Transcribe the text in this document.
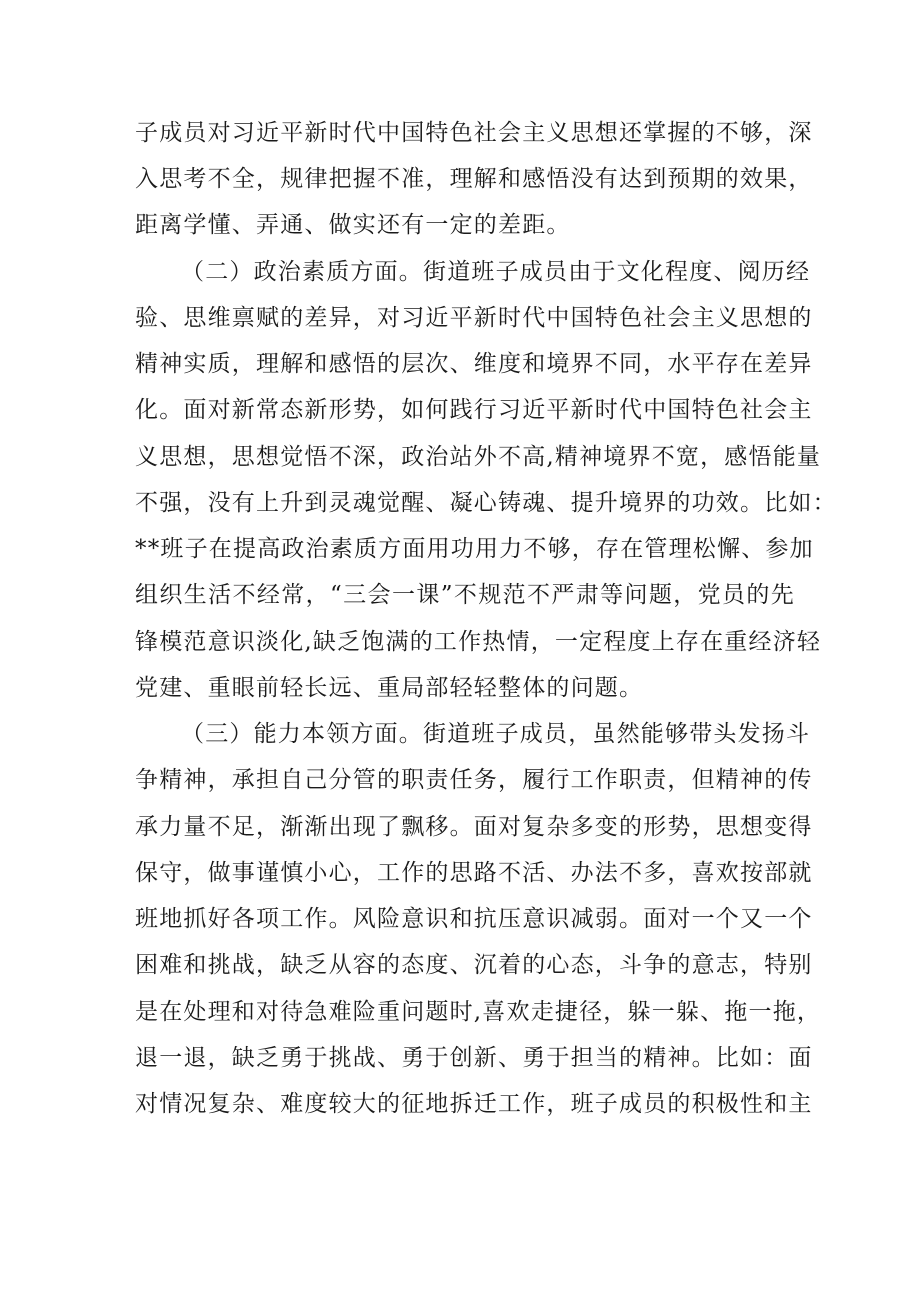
子成员对习近平新时代中国特色社会主义思想还掌握的不够，深
入思考不全，规律把握不准，理解和感悟没有达到预期的效果，
距离学懂、弄通、做实还有一定的差距。
（二）政治素质方面。街道班子成员由于文化程度、阅历经
验、思维禀赋的差异，对习近平新时代中国特色社会主义思想的
精神实质，理解和感悟的层次、维度和境界不同，水平存在差异
化。面对新常态新形势，如何践行习近平新时代中国特色社会主
义思想，思想觉悟不深，政治站外不高,精神境界不宽，感悟能量
不强，没有上升到灵魂觉醒、凝心铸魂、提升境界的功效。比如：
**班子在提高政治素质方面用功用力不够，存在管理松懈、参加
组织生活不经常，“三会一课”不规范不严肃等问题，党员的先
锋模范意识淡化,缺乏饱满的工作热情，一定程度上存在重经济轻
党建、重眼前轻长远、重局部轻轻整体的问题。
（三）能力本领方面。街道班子成员，虽然能够带头发扬斗
争精神，承担自己分管的职责任务，履行工作职责，但精神的传
承力量不足，渐渐出现了飘移。面对复杂多变的形势，思想变得
保守，做事谨慎小心，工作的思路不活、办法不多，喜欢按部就
班地抓好各项工作。风险意识和抗压意识减弱。面对一个又一个
困难和挑战，缺乏从容的态度、沉着的心态，斗争的意志，特别
是在处理和对待急难险重问题时,喜欢走捷径，躲一躲、拖一拖，
退一退，缺乏勇于挑战、勇于创新、勇于担当的精神。比如：面
对情况复杂、难度较大的征地拆迁工作，班子成员的积极性和主
